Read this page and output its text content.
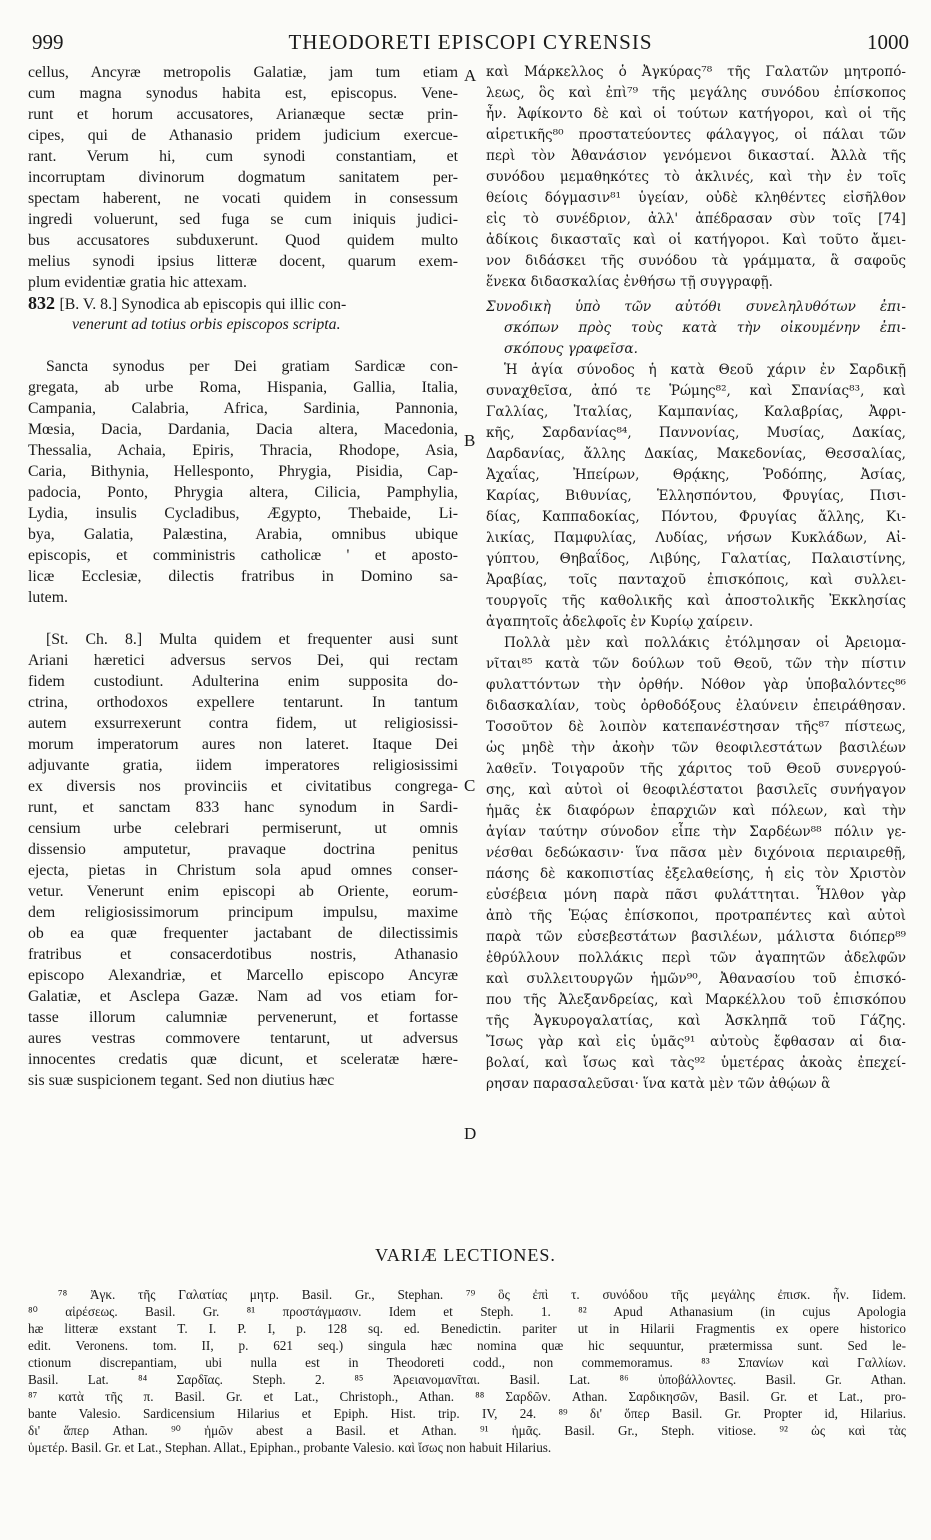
999	THEODORETI EPISCOPI CYRENSIS	1000
A
B
C
D
cellus, Ancyræ metropolis Galatiæ, jam tum etiam
cum magna synodus habita est, episcopus. Vene-
runt et horum accusatores, Arianæque sectæ prin-
cipes, qui de Athanasio pridem judicium exercue-
rant. Verum hi, cum synodi constantiam, et
incorruptam divinorum dogmatum sanitatem per-
spectam haberent, ne vocati quidem in consessum
ingredi voluerunt, sed fuga se cum iniquis judici-
bus accusatores subduxerunt. Quod quidem multo
melius synodi ipsius litteræ docent, quarum exem-
plum evidentiæ gratia hic attexam.
832 [B. V. 8.] Synodica ab episcopis qui illic con-
venerunt ad totius orbis episcopos scripta.
Sancta synodus per Dei gratiam Sardicæ con-
gregata, ab urbe Roma, Hispania, Gallia, Italia,
Campania, Calabria, Africa, Sardinia, Pannonia,
Mœsia, Dacia, Dardania, Dacia altera, Macedonia,
Thessalia, Achaia, Epiris, Thracia, Rhodope, Asia,
Caria, Bithynia, Hellesponto, Phrygia, Pisidia, Cap-
padocia, Ponto, Phrygia altera, Cilicia, Pamphylia,
Lydia, insulis Cycladibus, Ægypto, Thebaide, Li-
bya, Galatia, Palæstina, Arabia, omnibus ubique
episcopis, et comministris catholicæ ' et aposto-
licæ Ecclesiæ, dilectis fratribus in Domino sa-
lutem.
[St. Ch. 8.] Multa quidem et frequenter ausi sunt
Ariani hæretici adversus servos Dei, qui rectam
fidem custodiunt. Adulterina enim supposita do-
ctrina, orthodoxos expellere tentarunt. In tantum
autem exsurrexerunt contra fidem, ut religiosissi-
morum imperatorum aures non lateret. Itaque Dei
adjuvante gratia, iidem imperatores religiosissimi
ex diversis nos provinciis et civitatibus congrega-
runt, et sanctam 833 hanc synodum in Sardi-
censium urbe celebrari permiserunt, ut omnis
dissensio amputetur, pravaque doctrina penitus
ejecta, pietas in Christum sola apud omnes conser-
vetur. Venerunt enim episcopi ab Oriente, eorum-
dem religiosissimorum principum impulsu, maxime
ob ea quæ frequenter jactabant de dilectissimis
fratribus et consacerdotibus nostris, Athanasio
episcopo Alexandriæ, et Marcello episcopo Ancyræ
Galatiæ, et Asclepa Gazæ. Nam ad vos etiam for-
tasse illorum calumniæ pervenerunt, et fortasse
aures vestras commovere tentarunt, ut adversus
innocentes credatis quæ dicunt, et sceleratæ hære-
sis suæ suspicionem tegant. Sed non diutius hæc
καὶ Μάρκελλος ὁ Ἀγκύρας⁷⁸ τῆς Γαλατῶν μητροπό-
λεως, ὃς καὶ ἐπὶ⁷⁹ τῆς μεγάλης συνόδου ἐπίσκοπος
ἦν. Ἀφίκοντο δὲ καὶ οἱ τούτων κατήγοροι, καὶ οἱ τῆς
αἱρετικῆς⁸⁰ προστατεύοντες φάλαγγος, οἱ πάλαι τῶν
περὶ τὸν Ἀθανάσιον γενόμενοι δικασταί. Ἀλλὰ τῆς
συνόδου μεμαθηκότες τὸ ἀκλινές, καὶ τὴν ἐν τοῖς
θείοις δόγμασιν⁸¹ ὑγείαν, οὐδὲ κληθέντες εἰσῆλθον
εἰς τὸ συνέδριον, ἀλλ' ἀπέδρασαν σὺν τοῖς [74]
ἀδίκοις δικασταῖς καὶ οἱ κατήγοροι. Καὶ τοῦτο ἄμει-
νον διδάσκει τῆς συνόδου τὰ γράμματα, ἃ σαφοῦς
ἕνεκα διδασκαλίας ἐνθήσω τῇ συγγραφῇ.
Συνοδικὴ ὑπὸ τῶν αὐτόθι συνεληλυθότων ἐπι-
σκόπων πρὸς τοὺς κατὰ τὴν οἰκουμένην ἐπι-
σκόπους γραφεῖσα.
Ἡ ἁγία σύνοδος ἡ κατὰ Θεοῦ χάριν ἐν Σαρδικῇ
συναχθεῖσα, ἀπό τε Ῥώμης⁸², καὶ Σπανίας⁸³, καὶ
Γαλλίας, Ἰταλίας, Καμπανίας, Καλαβρίας, Ἀφρι-
κῆς, Σαρδανίας⁸⁴, Παννονίας, Μυσίας, Δακίας,
Δαρδανίας, ἄλλης Δακίας, Μακεδονίας, Θεσσαλίας,
Ἀχαΐας, Ἠπείρων, Θρᾴκης, Ῥοδόπης, Ἀσίας,
Καρίας, Βιθυνίας, Ἑλλησπόντου, Φρυγίας, Πισι-
δίας, Καππαδοκίας, Πόντου, Φρυγίας ἄλλης, Κι-
λικίας, Παμφυλίας, Λυδίας, νήσων Κυκλάδων, Αἰ-
γύπτου, Θηβαΐδος, Λιβύης, Γαλατίας, Παλαιστίνης,
Ἀραβίας, τοῖς πανταχοῦ ἐπισκόποις, καὶ συλλει-
τουργοῖς τῆς καθολικῆς καὶ ἀποστολικῆς Ἐκκλησίας
ἀγαπητοῖς ἀδελφοῖς ἐν Κυρίῳ χαίρειν.
Πολλὰ μὲν καὶ πολλάκις ἐτόλμησαν οἱ Ἀρειομα-
νῖται⁸⁵ κατὰ τῶν δούλων τοῦ Θεοῦ, τῶν τὴν πίστιν
φυλαττόντων τὴν ὀρθήν. Νόθον γὰρ ὑποβαλόντες⁸⁶
διδασκαλίαν, τοὺς ὀρθοδόξους ἐλαύνειν ἐπειράθησαν.
Τοσοῦτον δὲ λοιπὸν κατεπανέστησαν τῆς⁸⁷ πίστεως,
ὡς μηδὲ τὴν ἀκοὴν τῶν θεοφιλεστάτων βασιλέων
λαθεῖν. Τοιγαροῦν τῆς χάριτος τοῦ Θεοῦ συνεργού-
σης, καὶ αὐτοὶ οἱ θεοφιλέστατοι βασιλεῖς συνήγαγον
ἡμᾶς ἐκ διαφόρων ἐπαρχιῶν καὶ πόλεων, καὶ τὴν
ἁγίαν ταύτην σύνοδον εἶπε τὴν Σαρδέων⁸⁸ πόλιν γε-
νέσθαι δεδώκασιν· ἵνα πᾶσα μὲν διχόνοια περιαιρεθῇ,
πάσης δὲ κακοπιστίας ἐξελαθείσης, ἡ εἰς τὸν Χριστὸν
εὐσέβεια μόνη παρὰ πᾶσι φυλάττηται. Ἦλθον γὰρ
ἀπὸ τῆς Ἑῴας ἐπίσκοποι, προτραπέντες καὶ αὐτοὶ
παρὰ τῶν εὐσεβεστάτων βασιλέων, μάλιστα διόπερ⁸⁹
ἐθρύλλουν πολλάκις περὶ τῶν ἀγαπητῶν ἀδελφῶν
καὶ συλλειτουργῶν ἡμῶν⁹⁰, Ἀθανασίου τοῦ ἐπισκό-
που τῆς Ἀλεξανδρείας, καὶ Μαρκέλλου τοῦ ἐπισκόπου
τῆς Ἀγκυρογαλατίας, καὶ Ἀσκληπᾶ τοῦ Γάζης.
Ἴσως γὰρ καὶ εἰς ὑμᾶς⁹¹ αὐτοὺς ἔφθασαν αἱ δια-
βολαί, καὶ ἴσως καὶ τὰς⁹² ὑμετέρας ἀκοὰς ἐπεχεί-
ρησαν παρασαλεῦσαι· ἵνα κατὰ μὲν τῶν ἀθῴων ἃ
VARIÆ LECTIONES.
⁷⁸ Ἀγκ. τῆς Γαλατίας μητρ. Basil. Gr., Stephan. ⁷⁹ ὃς ἐπὶ τ. συνόδου τῆς μεγάλης ἐπισκ. ἦν. Iidem.
⁸⁰ αἱρέσεως. Basil. Gr. ⁸¹ προστάγμασιν. Idem et Steph. 1. ⁸² Apud Athanasium (in cujus Apologia
hæ litteræ exstant T. I. P. I, p. 128 sq. ed. Benedictin. pariter ut in Hilarii Fragmentis ex opere historico
edit. Veronens. tom. II, p. 621 seq.) singula hæc nomina quæ hic sequuntur, prætermissa sunt. Sed le-
ctionum discrepantiam, ubi nulla est in Theodoreti codd., non commemoramus. ⁸³ Σπανίων καὶ Γαλλίων.
Basil. Lat. ⁸⁴ Σαρδῖας. Steph. 2. ⁸⁵ Ἀρειανομανῖται. Basil. Lat. ⁸⁶ ὑποβάλλοντες. Basil. Gr. Athan.
⁸⁷ κατὰ τῆς π. Basil. Gr. et Lat., Christoph., Athan. ⁸⁸ Σαρδῶν. Athan. Σαρδικησῶν, Basil. Gr. et Lat., pro-
bante Valesio. Sardicensium Hilarius et Epiph. Hist. trip. IV, 24. ⁸⁹ δι' ὅπερ Basil. Gr. Propter id, Hilarius.
δι' ἅπερ Athan. ⁹⁰ ἡμῶν abest a Basil. et Athan. ⁹¹ ἡμᾶς. Basil. Gr., Steph. vitiose. ⁹² ὡς καὶ τὰς
ὑμετέρ. Basil. Gr. et Lat., Stephan. Allat., Epiphan., probante Valesio. καὶ ἴσως non habuit Hilarius.
